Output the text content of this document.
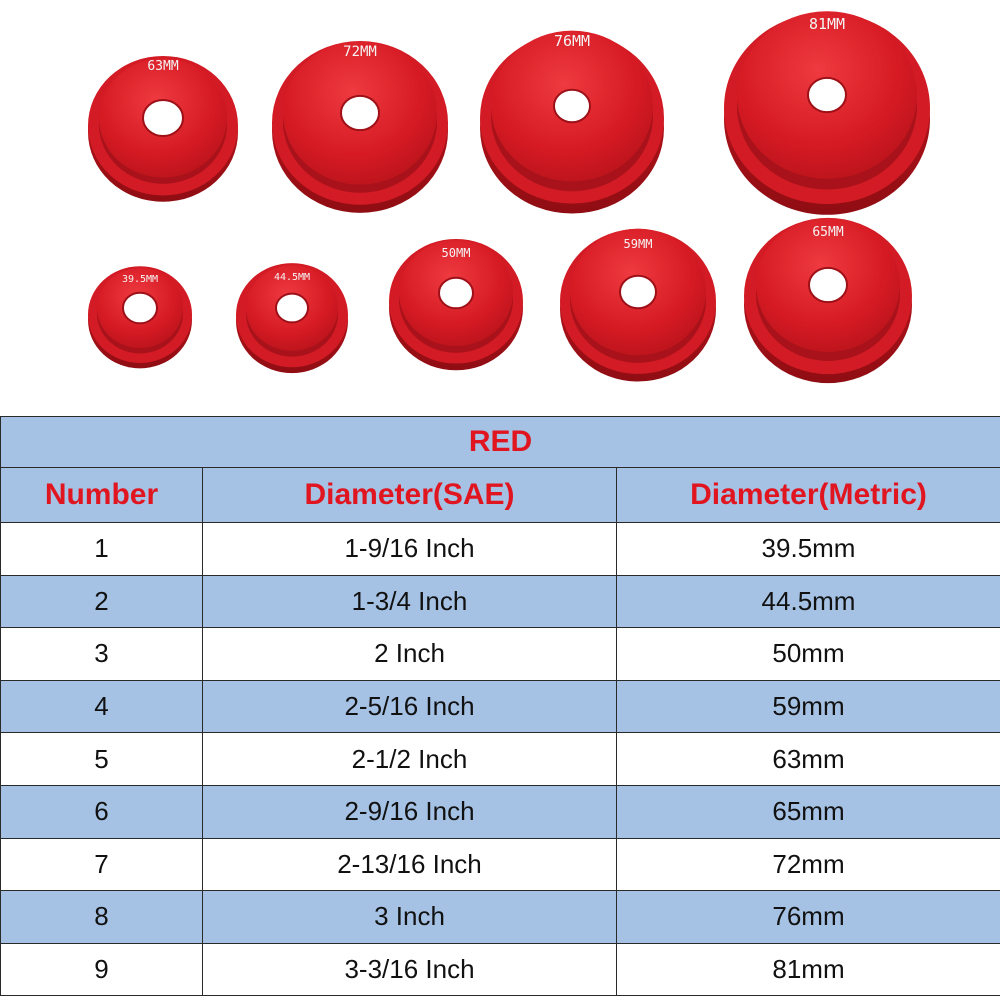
63MM
72MM
76MM
81MM
39.5MM	44.5MM
50MM
59MM
65MM
RED		
Number	Diameter(SAE)	Diameter(Metric)
1	1-9/16 Inch	39.5mm
2	1-3/4 Inch	44.5mm
3	2 Inch	50mm
4	2-5/16 Inch	59mm
5	2-1/2 Inch	63mm
6	2-9/16 Inch	65mm
7	2-13/16 Inch	72mm
8	3 Inch	76mm
9	3-3/16 Inch	81mm
